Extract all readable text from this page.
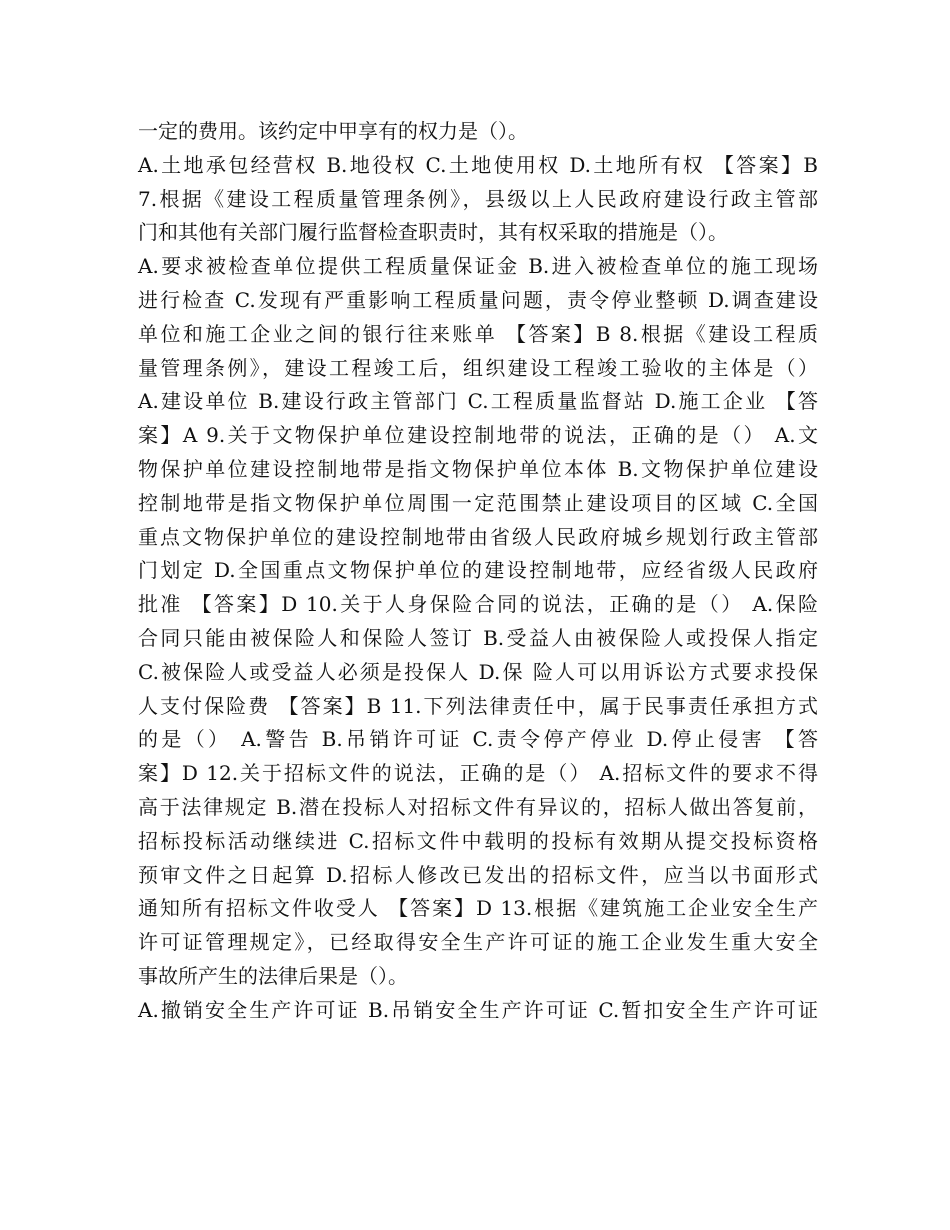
一定的费用。该约定中甲享有的权力是（）。
A.土地承包经营权 B.地役权 C.土地使用权 D.土地所有权 【答案】B
7.根据《建设工程质量管理条例》，县级以上人民政府建设行政主管部
门和其他有关部门履行监督检查职责时，其有权采取的措施是（）。
A.要求被检查单位提供工程质量保证金 B.进入被检查单位的施工现场
进行检查 C.发现有严重影响工程质量问题，责令停业整顿 D.调查建设
单位和施工企业之间的银行往来账单 【答案】B 8.根据《建设工程质
量管理条例》，建设工程竣工后，组织建设工程竣工验收的主体是（）
A.建设单位 B.建设行政主管部门 C.工程质量监督站 D.施工企业 【答
案】A 9.关于文物保护单位建设控制地带的说法，正确的是（） A.文
物保护单位建设控制地带是指文物保护单位本体 B.文物保护单位建设
控制地带是指文物保护单位周围一定范围禁止建设项目的区域 C.全国
重点文物保护单位的建设控制地带由省级人民政府城乡规划行政主管部
门划定 D.全国重点文物保护单位的建设控制地带，应经省级人民政府
批准 【答案】D 10.关于人身保险合同的说法，正确的是（） A.保险
合同只能由被保险人和保险人签订 B.受益人由被保险人或投保人指定
C.被保险人或受益人必须是投保人 D.保 险人可以用诉讼方式要求投保
人支付保险费 【答案】B 11.下列法律责任中，属于民事责任承担方式
的是（） A.警告 B.吊销许可证 C.责令停产停业 D.停止侵害 【答
案】D 12.关于招标文件的说法，正确的是（） A.招标文件的要求不得
高于法律规定 B.潜在投标人对招标文件有异议的，招标人做出答复前，
招标投标活动继续进 C.招标文件中载明的投标有效期从提交投标资格
预审文件之日起算 D.招标人修改已发出的招标文件，应当以书面形式
通知所有招标文件收受人 【答案】D 13.根据《建筑施工企业安全生产
许可证管理规定》，已经取得安全生产许可证的施工企业发生重大安全
事故所产生的法律后果是（）。
A.撤销安全生产许可证 B.吊销安全生产许可证 C.暂扣安全生产许可证
